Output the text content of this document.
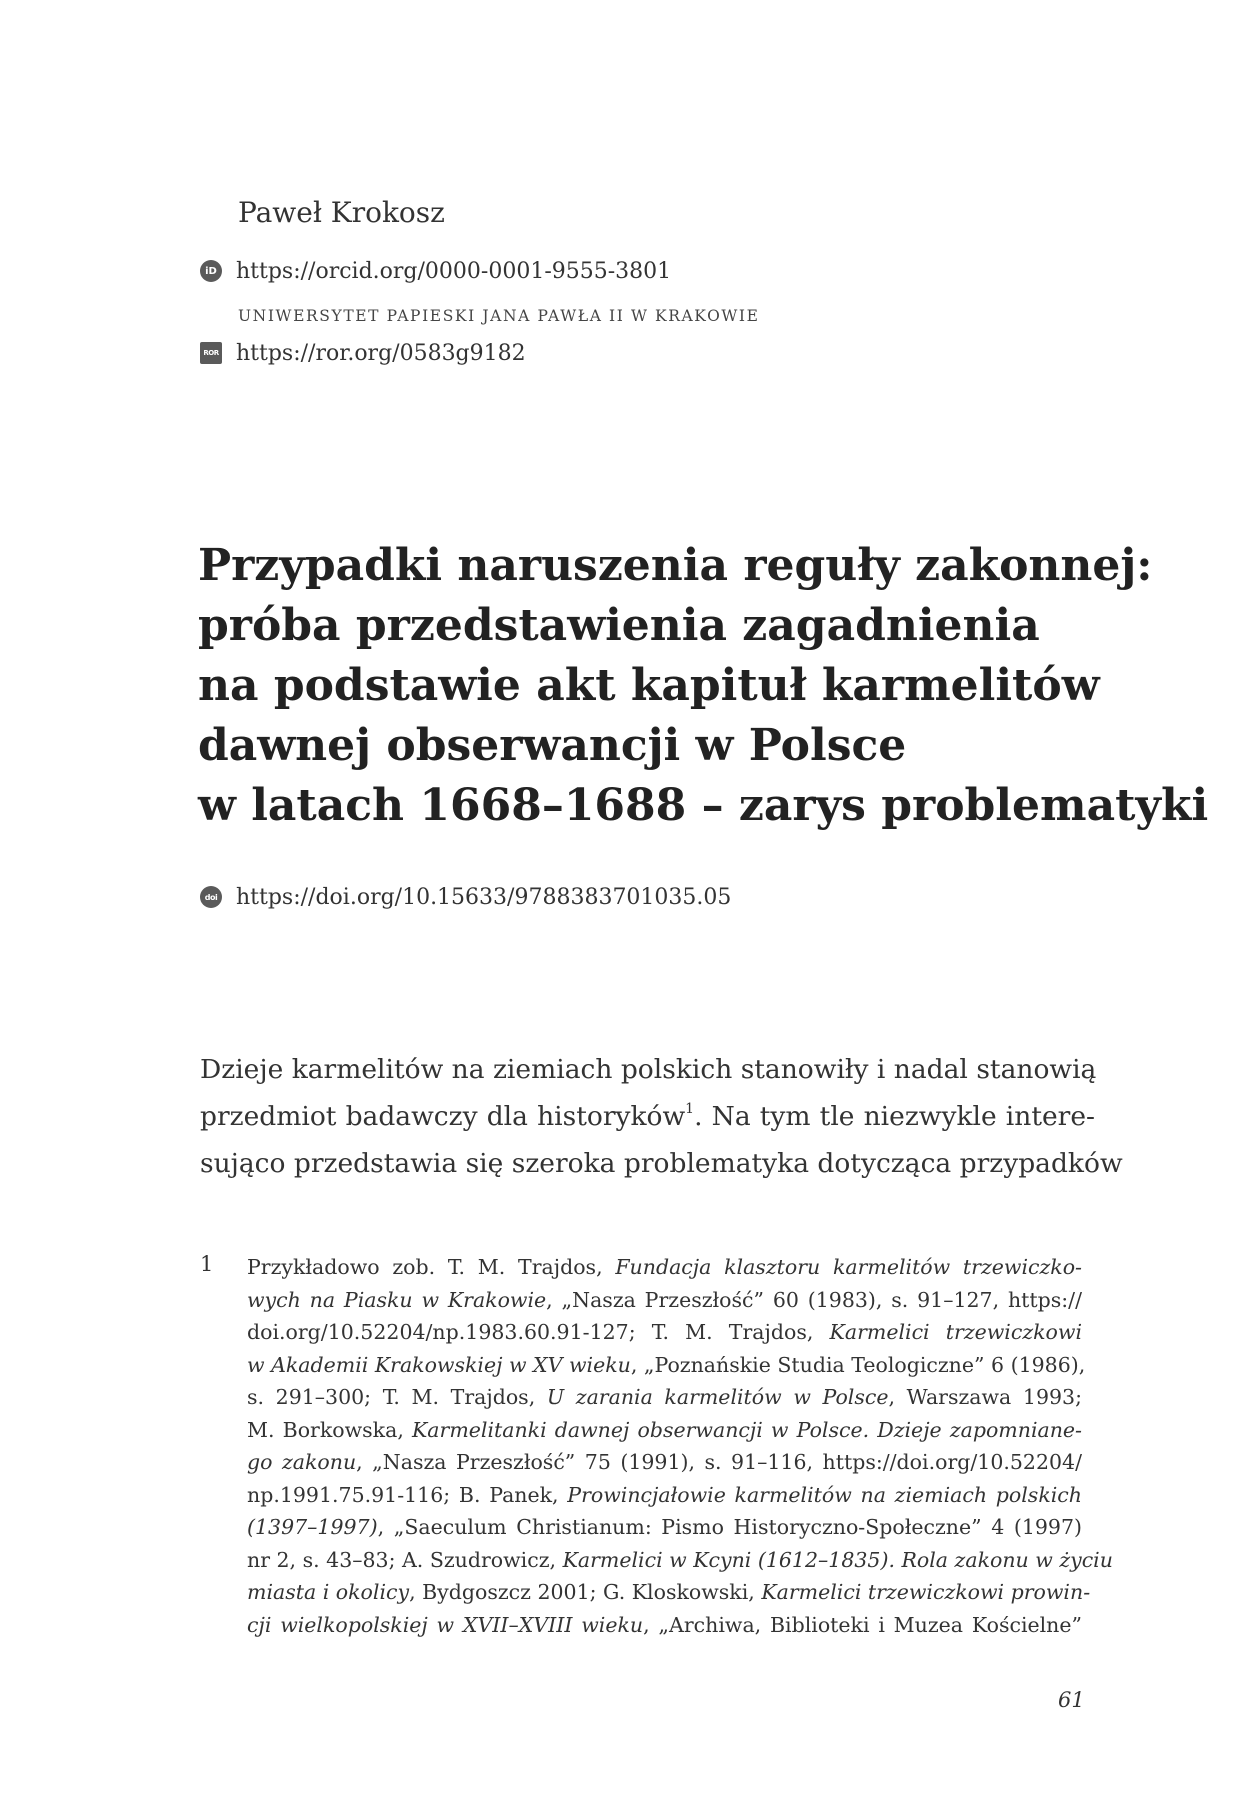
Paweł Krokosz
iD https://orcid.org/0000-0001-9555-3801
UNIWERSYTET PAPIESKI JANA PAWŁA II W KRAKOWIE
ROR https://ror.org/0583g9182
Przypadki naruszenia reguły zakonnej:
próba przedstawienia zagadnienia
na podstawie akt kapituł karmelitów
dawnej obserwancji w Polsce
w latach 1668–1688 – zarys problematyki
doi https://doi.org/10.15633/9788383701035.05
Dzieje karmelitów na ziemiach polskich stanowiły i nadal stanowią
przedmiot badawczy dla historyków$^1$. Na tym tle niezwykle intere-
sująco przedstawia się szeroka problematyka dotycząca przypadków
1 Przykładowo zob. T. M. Trajdos, Fundacja klasztoru karmelitów trzewiczko-
wych na Piasku w Krakowie, „Nasza Przeszłość” 60 (1983), s. 91–127, https://
doi.org/10.52204/np.1983.60.91-127; T. M. Trajdos, Karmelici trzewiczkowi
w Akademii Krakowskiej w XV wieku, „Poznańskie Studia Teologiczne” 6 (1986),
s. 291–300; T. M. Trajdos, U zarania karmelitów w Polsce, Warszawa 1993;
M. Borkowska, Karmelitanki dawnej obserwancji w Polsce. Dzieje zapomniane-
go zakonu, „Nasza Przeszłość” 75 (1991), s. 91–116, https://doi.org/10.52204/
np.1991.75.91-116; B. Panek, Prowincjałowie karmelitów na ziemiach polskich
(1397–1997), „Saeculum Christianum: Pismo Historyczno-Społeczne” 4 (1997)
nr 2, s. 43–83; A. Szudrowicz, Karmelici w Kcyni (1612–1835). Rola zakonu w życiu
miasta i okolicy, Bydgoszcz 2001; G. Kloskowski, Karmelici trzewiczkowi prowin-
cji wielkopolskiej w XVII–XVIII wieku, „Archiwa, Biblioteki i Muzea Kościelne”
61
